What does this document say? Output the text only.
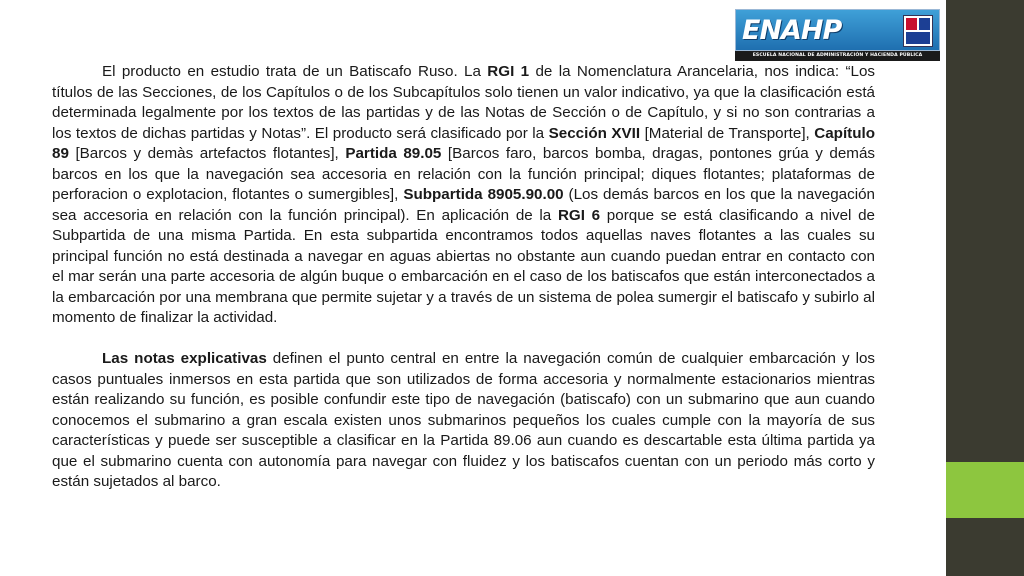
ENAHP
ESCUELA NACIONAL DE ADMINISTRACIÓN Y HACIENDA PÚBLICA

El producto en estudio trata de un Batiscafo Ruso. La RGI 1 de la Nomenclatura Arancelaria, nos indica: “Los títulos de las Secciones, de los Capítulos o de los Subcapítulos solo tienen un valor indicativo, ya que la clasificación está determinada legalmente por los textos de las partidas y de las Notas de Sección o de Capítulo, y si no son contrarias a los textos de dichas partidas y Notas”. El producto será clasificado por la Sección XVII [Material de Transporte], Capítulo 89 [Barcos y demàs artefactos flotantes], Partida 89.05 [Barcos faro, barcos bomba, dragas, pontones grúa y demás barcos en los que la navegación sea accesoria en relación con la función principal; diques flotantes; plataformas de perforacion o explotacion, flotantes o sumergibles], Subpartida 8905.90.00 (Los demás barcos en los que la navegación sea accesoria en relación con la función principal). En aplicación de la RGI 6 porque se está clasificando a nivel de Subpartida de una misma Partida. En esta subpartida encontramos todos aquellas naves flotantes a las cuales su principal función no está destinada a navegar en aguas abiertas no obstante aun cuando puedan entrar en contacto con el mar serán una parte accesoria de algún buque o embarcación en el caso de los batiscafos que están interconectados a la embarcación por una membrana que permite sujetar y a través de un sistema de polea sumergir el batiscafo y subirlo al momento de finalizar la actividad.

Las notas explicativas definen el punto central en entre la navegación común de cualquier embarcación y los casos puntuales inmersos en esta partida que son utilizados de forma accesoria y normalmente estacionarios mientras están realizando su función, es posible confundir este tipo de navegación (batiscafo) con un submarino que aun cuando conocemos el submarino a gran escala existen unos submarinos pequeños los cuales cumple con la mayoría de sus características y puede ser susceptible a clasificar en la Partida 89.06 aun cuando es descartable esta última partida ya que el submarino cuenta con autonomía para navegar con fluidez y los batiscafos cuentan con un periodo más corto y están sujetados al barco.
